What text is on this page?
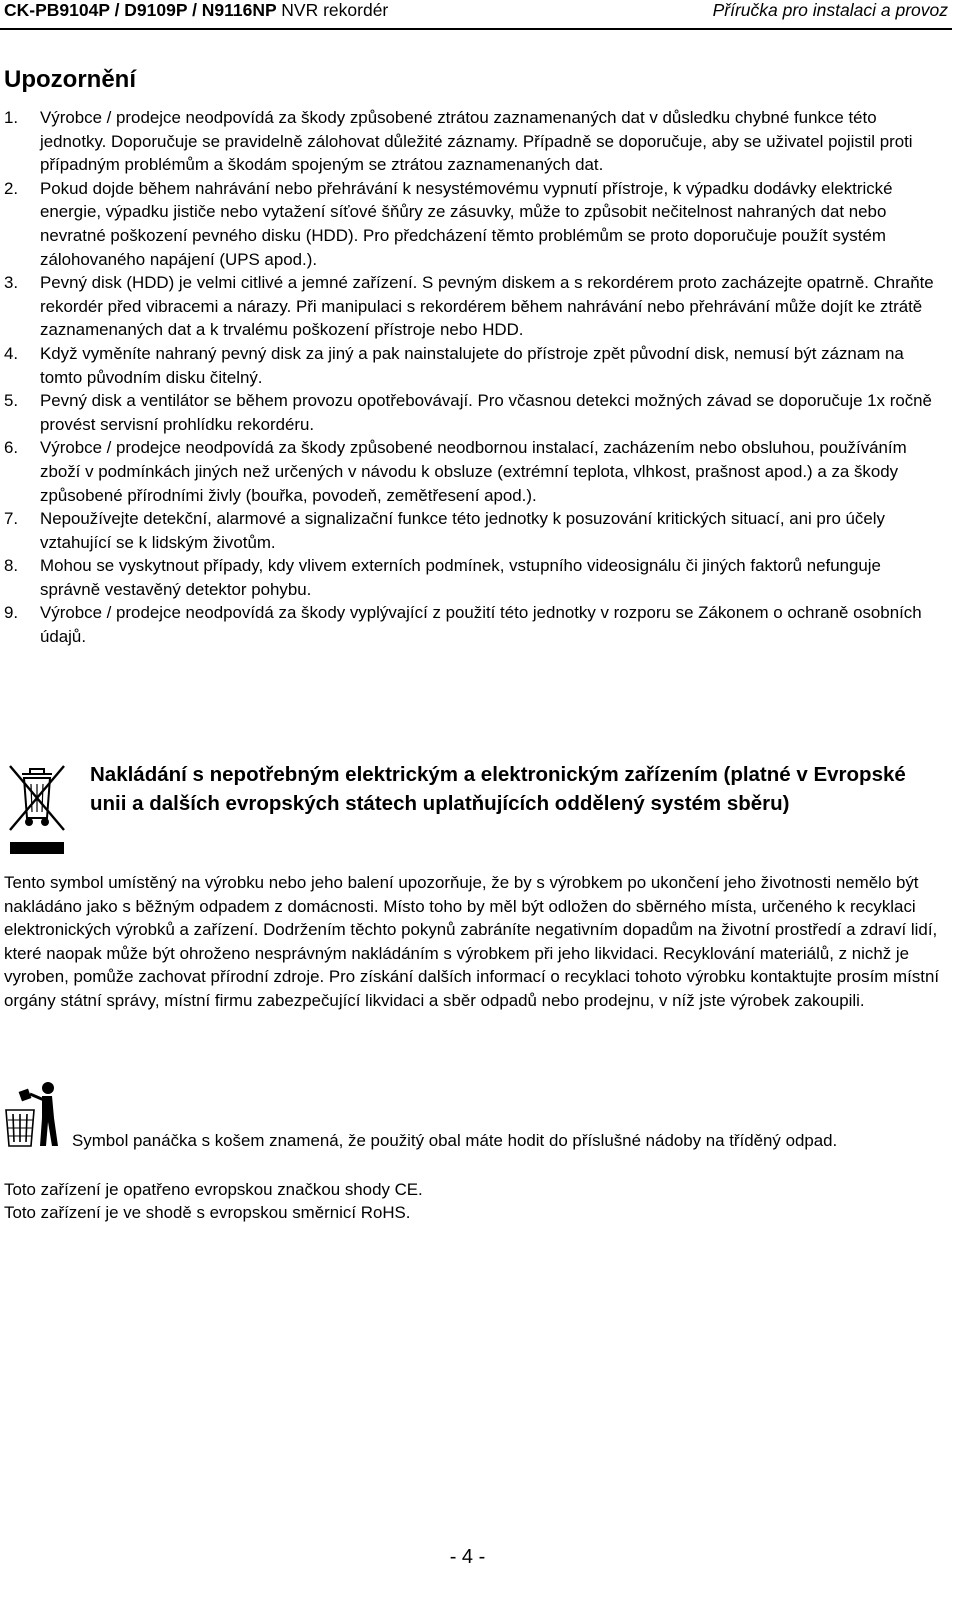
CK-PB9104P / D9109P / N9116NP NVR rekordér	Příručka pro instalaci a provoz
Upozornění
1. Výrobce / prodejce neodpovídá za škody způsobené ztrátou zaznamenaných dat v důsledku chybné funkce této jednotky. Doporučuje se pravidelně zálohovat důležité záznamy. Případně se doporučuje, aby se uživatel pojistil proti případným problémům a škodám spojeným se ztrátou zaznamenaných dat.
2. Pokud dojde během nahrávání nebo přehrávání k nesystémovému vypnutí přístroje, k výpadku dodávky elektrické energie, výpadku jističe nebo vytažení síťové šňůry ze zásuvky, může to způsobit nečitelnost nahraných dat nebo nevratné poškození pevného disku (HDD). Pro předcházení těmto problémům se proto doporučuje použít systém zálohovaného napájení (UPS apod.).
3. Pevný disk (HDD) je velmi citlivé a jemné zařízení. S pevným diskem a s rekordérem proto zacházejte opatrně. Chraňte rekordér před vibracemi a nárazy. Při manipulaci s rekordérem během nahrávání nebo přehrávání může dojít ke ztrátě zaznamenaných dat a k trvalému poškození přístroje nebo HDD.
4. Když vyměníte nahraný pevný disk za jiný a pak nainstalujete do přístroje zpět původní disk, nemusí být záznam na tomto původním disku čitelný.
5. Pevný disk a ventilátor se během provozu opotřebovávají. Pro včasnou detekci možných závad se doporučuje 1x ročně provést servisní prohlídku rekordéru.
6. Výrobce / prodejce neodpovídá za škody způsobené neodbornou instalací, zacházením nebo obsluhou, používáním zboží v podmínkách jiných než určených v návodu k obsluze (extrémní teplota, vlhkost, prašnost apod.) a za škody způsobené přírodními živly (bouřka, povodeň, zemětřesení apod.).
7. Nepoužívejte detekční, alarmové a signalizační funkce této jednotky k posuzování kritických situací, ani pro účely vztahující se k lidským životům.
8. Mohou se vyskytnout případy, kdy vlivem externích podmínek, vstupního videosignálu či jiných faktorů nefunguje správně vestavěný detektor pohybu.
9. Výrobce / prodejce neodpovídá za škody vyplývající z použití této jednotky v rozporu se Zákonem o ochraně osobních údajů.
Nakládání s nepotřebným elektrickým a elektronickým zařízením (platné v Evropské unii a dalších evropských státech uplatňujících oddělený systém sběru)

Tento symbol umístěný na výrobku nebo jeho balení upozorňuje, že by s výrobkem po ukončení jeho životnosti nemělo být nakládáno jako s běžným odpadem z domácnosti. Místo toho by měl být odložen do sběrného místa, určeného k recyklaci elektronických výrobků a zařízení. Dodržením těchto pokynů zabráníte negativním dopadům na životní prostředí a zdraví lidí, které naopak může být ohroženo nesprávným nakládáním s výrobkem při jeho likvidaci. Recyklování materiálů, z nichž je vyroben, pomůže zachovat přírodní zdroje. Pro získání dalších informací o recyklaci tohoto výrobku kontaktujte prosím místní orgány státní správy, místní firmu zabezpečující likvidaci a sběr odpadů nebo prodejnu, v níž jste výrobek zakoupili.

Symbol panáčka s košem znamená, že použitý obal máte hodit do příslušné nádoby na tříděný odpad.

Toto zařízení je opatřeno evropskou značkou shody CE.
Toto zařízení je ve shodě s evropskou směrnicí RoHS.
- 4 -
